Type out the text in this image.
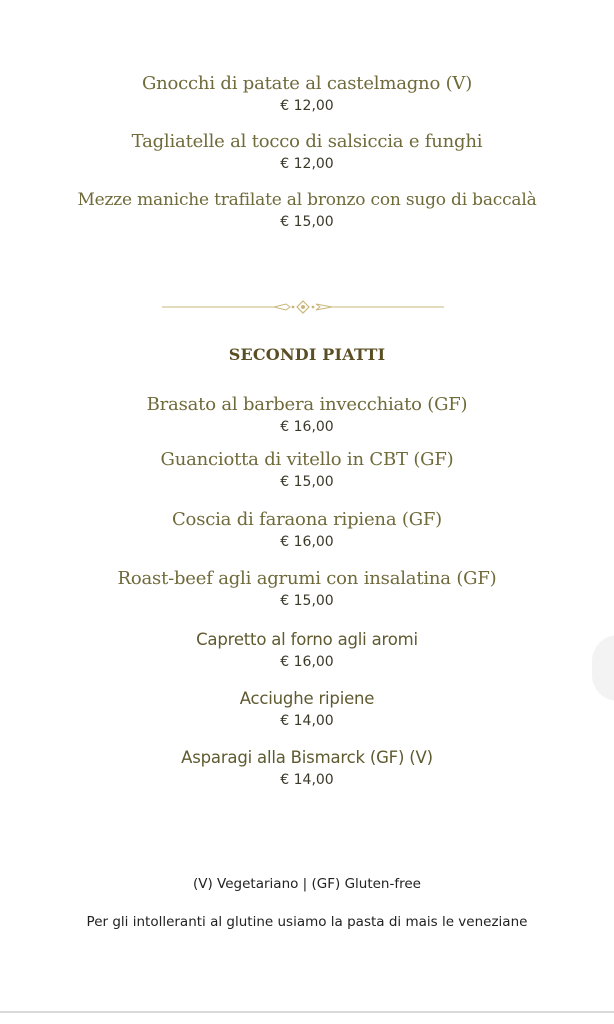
Gnocchi di patate al castelmagno (V)
€ 12,00
Tagliatelle al tocco di salsiccia e funghi
€ 12,00
Mezze maniche trafilate al bronzo con sugo di baccalà
€ 15,00
SECONDI PIATTI
Brasato al barbera invecchiato (GF)
€ 16,00
Guanciotta di vitello in CBT (GF)
€ 15,00
Coscia di faraona ripiena (GF)
€ 16,00
Roast-beef agli agrumi con insalatina (GF)
€ 15,00
Capretto al forno agli aromi
€ 16,00
Acciughe ripiene
€ 14,00
Asparagi alla Bismarck (GF) (V)
€ 14,00
(V) Vegetariano | (GF) Gluten-free
Per gli intolleranti al glutine usiamo la pasta di mais le veneziane
